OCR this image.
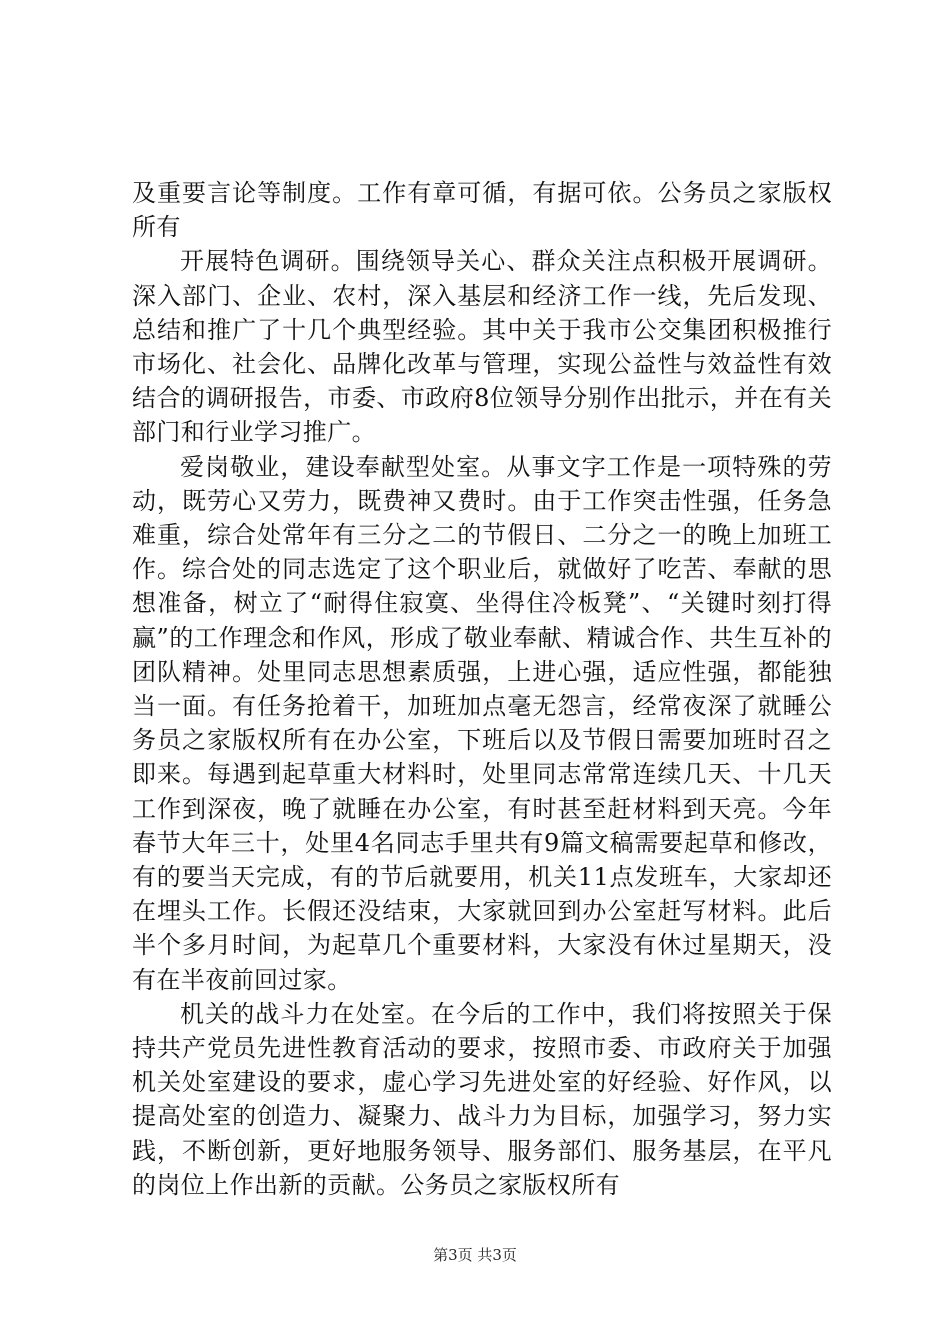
及重要言论等制度。工作有章可循，有据可依。公务员之家版权所有

开展特色调研。围绕领导关心、群众关注点积极开展调研。深入部门、企业、农村，深入基层和经济工作一线，先后发现、总结和推广了十几个典型经验。其中关于我市公交集团积极推行市场化、社会化、品牌化改革与管理，实现公益性与效益性有效结合的调研报告，市委、市政府8位领导分别作出批示，并在有关部门和行业学习推广。

爱岗敬业，建设奉献型处室。从事文字工作是一项特殊的劳动，既劳心又劳力，既费神又费时。由于工作突击性强，任务急难重，综合处常年有三分之二的节假日、二分之一的晚上加班工作。综合处的同志选定了这个职业后，就做好了吃苦、奉献的思想准备，树立了“耐得住寂寞、坐得住冷板凳”、“关键时刻打得赢”的工作理念和作风，形成了敬业奉献、精诚合作、共生互补的团队精神。处里同志思想素质强，上进心强，适应性强，都能独当一面。有任务抢着干，加班加点毫无怨言，经常夜深了就睡公务员之家版权所有在办公室，下班后以及节假日需要加班时召之即来。每遇到起草重大材料时，处里同志常常连续几天、十几天工作到深夜，晚了就睡在办公室，有时甚至赶材料到天亮。今年春节大年三十，处里4名同志手里共有9篇文稿需要起草和修改，有的要当天完成，有的节后就要用，机关11点发班车，大家却还在埋头工作。长假还没结束，大家就回到办公室赶写材料。此后半个多月时间，为起草几个重要材料，大家没有休过星期天，没有在半夜前回过家。

机关的战斗力在处室。在今后的工作中，我们将按照关于保持共产党员先进性教育活动的要求，按照市委、市政府关于加强机关处室建设的要求，虚心学习先进处室的好经验、好作风，以提高处室的创造力、凝聚力、战斗力为目标，加强学习，努力实践，不断创新，更好地服务领导、服务部们、服务基层，在平凡的岗位上作出新的贡献。公务员之家版权所有

第3页 共3页
